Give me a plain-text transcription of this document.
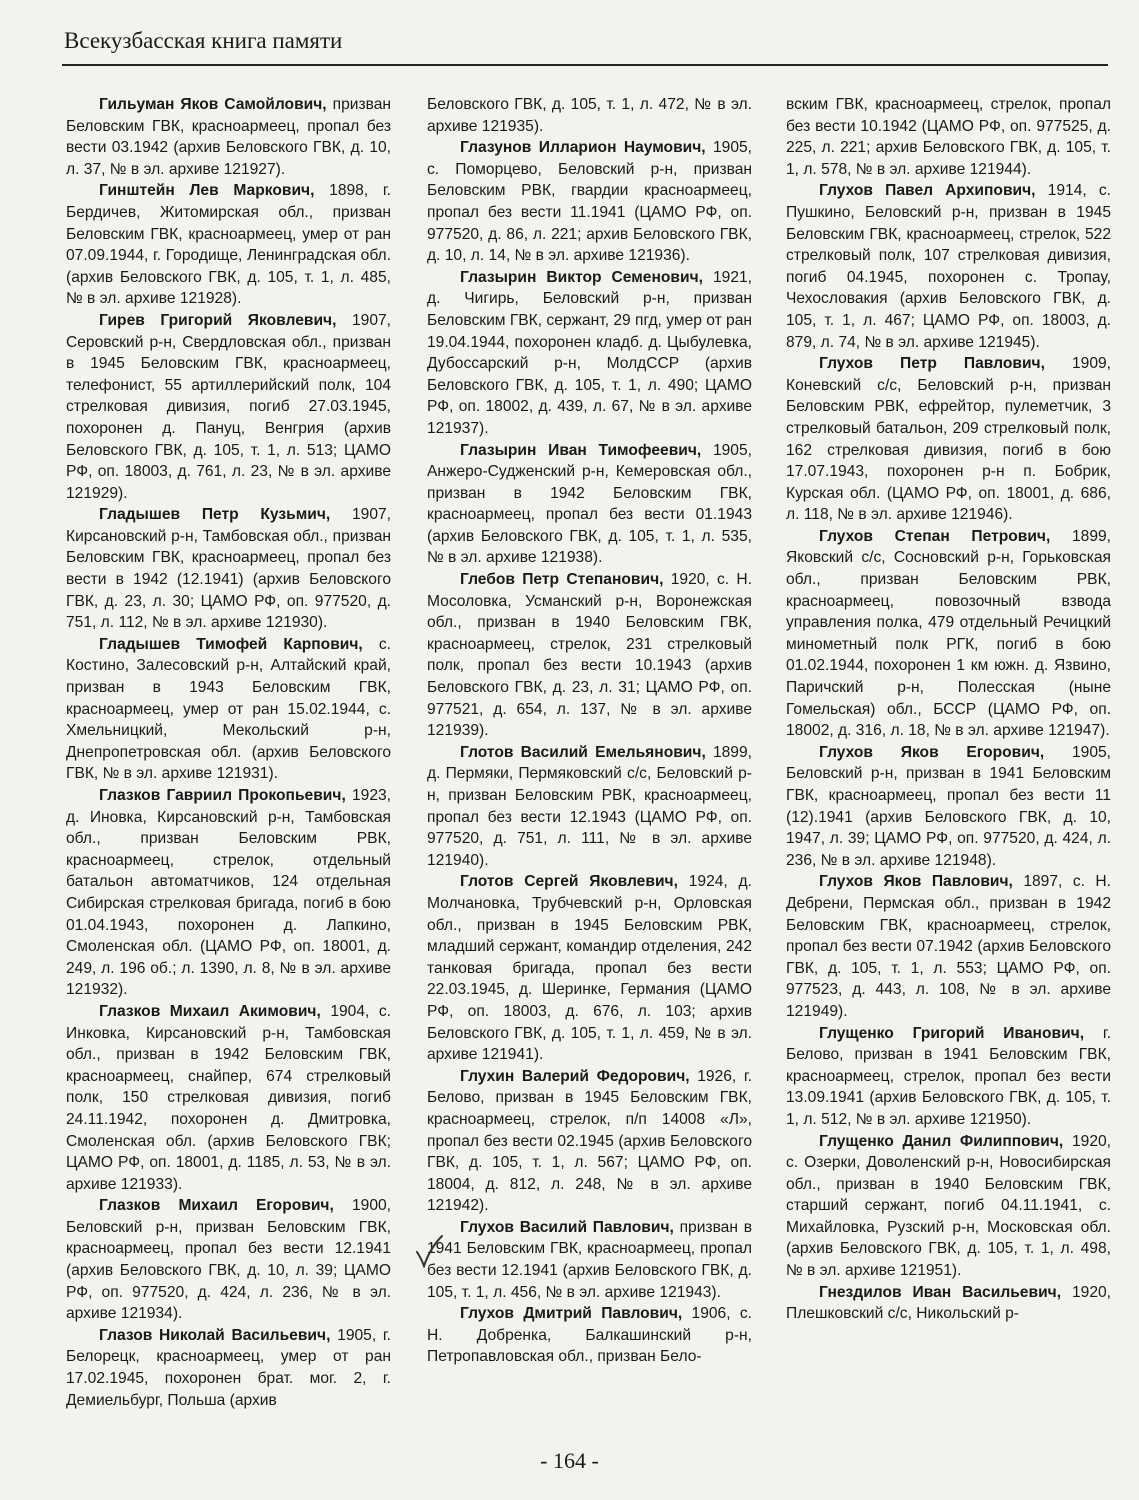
Всекузбасская книга памяти

Гильуман Яков Самойлович, призван Беловским ГВК, красноармеец, пропал без вести 03.1942 (архив Беловского ГВК, д. 10, л. 37, № в эл. архиве 121927).

Гинштейн Лев Маркович, 1898, г. Бердичев, Житомирская обл., призван Беловским ГВК, красноармеец, умер от ран 07.09.1944, г. Городище, Ленинградская обл. (архив Беловского ГВК, д. 105, т. 1, л. 485, № в эл. архиве 121928).

Гирев Григорий Яковлевич, 1907, Серовский р-н, Свердловская обл., призван в 1945 Беловским ГВК, красноармеец, телефонист, 55 артиллерийский полк, 104 стрелковая дивизия, погиб 27.03.1945, похоронен д. Пануц, Венгрия (архив Беловского ГВК, д. 105, т. 1, л. 513; ЦАМО РФ, оп. 18003, д. 761, л. 23, № в эл. архиве 121929).

Гладышев Петр Кузьмич, 1907, Кирсановский р-н, Тамбовская обл., призван Беловским ГВК, красноармеец, пропал без вести в 1942 (12.1941) (архив Беловского ГВК, д. 23, л. 30; ЦАМО РФ, оп. 977520, д. 751, л. 112, № в эл. архиве 121930).

Гладышев Тимофей Карпович, с. Костино, Залесовский р-н, Алтайский край, призван в 1943 Беловским ГВК, красноармеец, умер от ран 15.02.1944, с. Хмельницкий, Мекольский р-н, Днепропетровская обл. (архив Беловского ГВК, № в эл. архиве 121931).

Глазков Гавриил Прокопьевич, 1923, д. Иновка, Кирсановский р-н, Тамбовская обл., призван Беловским РВК, красноармеец, стрелок, отдельный батальон автоматчиков, 124 отдельная Сибирская стрелковая бригада, погиб в бою 01.04.1943, похоронен д. Лапкино, Смоленская обл. (ЦАМО РФ, оп. 18001, д. 249, л. 196 об.; л. 1390, л. 8, № в эл. архиве 121932).

Глазков Михаил Акимович, 1904, с. Инковка, Кирсановский р-н, Тамбовская обл., призван в 1942 Беловским ГВК, красноармеец, снайпер, 674 стрелковый полк, 150 стрелковая дивизия, погиб 24.11.1942, похоронен д. Дмитровка, Смоленская обл. (архив Беловского ГВК; ЦАМО РФ, оп. 18001, д. 1185, л. 53, № в эл. архиве 121933).

Глазков Михаил Егорович, 1900, Беловский р-н, призван Беловским ГВК, красноармеец, пропал без вести 12.1941 (архив Беловского ГВК, д. 10, л. 39; ЦАМО РФ, оп. 977520, д. 424, л. 236, № в эл. архиве 121934).

Глазов Николай Васильевич, 1905, г. Белорецк, красноармеец, умер от ран 17.02.1945, похоронен брат. мог. 2, г. Демиельбург, Польша (архив

Беловского ГВК, д. 105, т. 1, л. 472, № в эл. архиве 121935).

Глазунов Илларион Наумович, 1905, с. Поморцево, Беловский р-н, призван Беловским РВК, гвардии красноармеец, пропал без вести 11.1941 (ЦАМО РФ, оп. 977520, д. 86, л. 221; архив Беловского ГВК, д. 10, л. 14, № в эл. архиве 121936).

Глазырин Виктор Семенович, 1921, д. Чигирь, Беловский р-н, призван Беловским ГВК, сержант, 29 пгд, умер от ран 19.04.1944, похоронен кладб. д. Цыбулевка, Дубоссарский р-н, МолдССР (архив Беловского ГВК, д. 105, т. 1, л. 490; ЦАМО РФ, оп. 18002, д. 439, л. 67, № в эл. архиве 121937).

Глазырин Иван Тимофеевич, 1905, Анжеро-Судженский р-н, Кемеровская обл., призван в 1942 Беловским ГВК, красноармеец, пропал без вести 01.1943 (архив Беловского ГВК, д. 105, т. 1, л. 535, № в эл. архиве 121938).

Глебов Петр Степанович, 1920, с. Н. Мосоловка, Усманский р-н, Воронежская обл., призван в 1940 Беловским ГВК, красноармеец, стрелок, 231 стрелковый полк, пропал без вести 10.1943 (архив Беловского ГВК, д. 23, л. 31; ЦАМО РФ, оп. 977521, д. 654, л. 137, № в эл. архиве 121939).

Глотов Василий Емельянович, 1899, д. Пермяки, Пермяковский с/с, Беловский р-н, призван Беловским РВК, красноармеец, пропал без вести 12.1943 (ЦАМО РФ, оп. 977520, д. 751, л. 111, № в эл. архиве 121940).

Глотов Сергей Яковлевич, 1924, д. Молчановка, Трубчевский р-н, Орловская обл., призван в 1945 Беловским РВК, младший сержант, командир отделения, 242 танковая бригада, пропал без вести 22.03.1945, д. Шеринке, Германия (ЦАМО РФ, оп. 18003, д. 676, л. 103; архив Беловского ГВК, д. 105, т. 1, л. 459, № в эл. архиве 121941).

Глухин Валерий Федорович, 1926, г. Белово, призван в 1945 Беловским ГВК, красноармеец, стрелок, п/п 14008 «Л», пропал без вести 02.1945 (архив Беловского ГВК, д. 105, т. 1, л. 567; ЦАМО РФ, оп. 18004, д. 812, л. 248, № в эл. архиве 121942).

Глухов Василий Павлович, призван в 1941 Беловским ГВК, красноармеец, пропал без вести 12.1941 (архив Беловского ГВК, д. 105, т. 1, л. 456, № в эл. архиве 121943).

Глухов Дмитрий Павлович, 1906, с. Н. Добренка, Балкашинский р-н, Петропавловская обл., призван Бело-

вским ГВК, красноармеец, стрелок, пропал без вести 10.1942 (ЦАМО РФ, оп. 977525, д. 225, л. 221; архив Беловского ГВК, д. 105, т. 1, л. 578, № в эл. архиве 121944).

Глухов Павел Архипович, 1914, с. Пушкино, Беловский р-н, призван в 1945 Беловским ГВК, красноармеец, стрелок, 522 стрелковый полк, 107 стрелковая дивизия, погиб 04.1945, похоронен с. Тропау, Чехословакия (архив Беловского ГВК, д. 105, т. 1, л. 467; ЦАМО РФ, оп. 18003, д. 879, л. 74, № в эл. архиве 121945).

Глухов Петр Павлович, 1909, Коневский с/с, Беловский р-н, призван Беловским РВК, ефрейтор, пулеметчик, 3 стрелковый батальон, 209 стрелковый полк, 162 стрелковая дивизия, погиб в бою 17.07.1943, похоронен р-н п. Бобрик, Курская обл. (ЦАМО РФ, оп. 18001, д. 686, л. 118, № в эл. архиве 121946).

Глухов Степан Петрович, 1899, Яковский с/с, Сосновский р-н, Горьковская обл., призван Беловским РВК, красноармеец, повозочный взвода управления полка, 479 отдельный Речицкий минометный полк РГК, погиб в бою 01.02.1944, похоронен 1 км южн. д. Язвино, Паричский р-н, Полесская (ныне Гомельская) обл., БССР (ЦАМО РФ, оп. 18002, д. 316, л. 18, № в эл. архиве 121947).

Глухов Яков Егорович, 1905, Беловский р-н, призван в 1941 Беловским ГВК, красноармеец, пропал без вести 11 (12).1941 (архив Беловского ГВК, д. 10, 1947, л. 39; ЦАМО РФ, оп. 977520, д. 424, л. 236, № в эл. архиве 121948).

Глухов Яков Павлович, 1897, с. Н. Дебрени, Пермская обл., призван в 1942 Беловским ГВК, красноармеец, стрелок, пропал без вести 07.1942 (архив Беловского ГВК, д. 105, т. 1, л. 553; ЦАМО РФ, оп. 977523, д. 443, л. 108, № в эл. архиве 121949).

Глущенко Григорий Иванович, г. Белово, призван в 1941 Беловским ГВК, красноармеец, стрелок, пропал без вести 13.09.1941 (архив Беловского ГВК, д. 105, т. 1, л. 512, № в эл. архиве 121950).

Глущенко Данил Филиппович, 1920, с. Озерки, Доволенский р-н, Новосибирская обл., призван в 1940 Беловским ГВК, старший сержант, погиб 04.11.1941, с. Михайловка, Рузский р-н, Московская обл. (архив Беловского ГВК, д. 105, т. 1, л. 498, № в эл. архиве 121951).

Гнездилов Иван Васильевич, 1920, Плешковский с/с, Никольский р-

- 164 -
